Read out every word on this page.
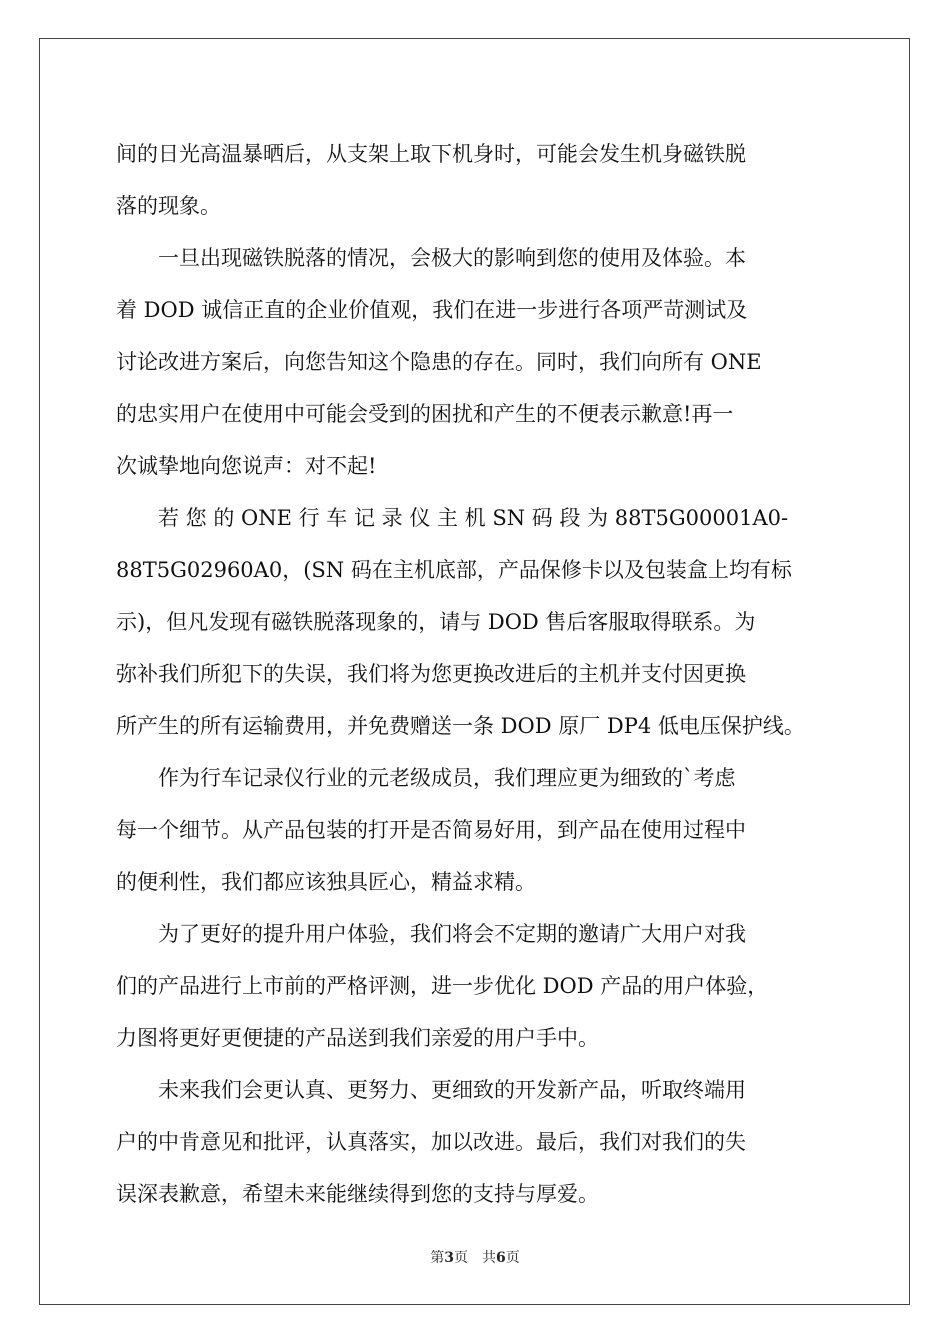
间的日光高温暴晒后，从支架上取下机身时，可能会发生机身磁铁脱
落的现象。
　　一旦出现磁铁脱落的情况，会极大的影响到您的使用及体验。本
着 DOD 诚信正直的企业价值观，我们在进一步进行各项严苛测试及
讨论改进方案后，向您告知这个隐患的存在。同时，我们向所有 ONE
的忠实用户在使用中可能会受到的困扰和产生的不便表示歉意!再一
次诚挚地向您说声：对不起!
　　若 您 的 ONE 行 车 记 录 仪 主 机 SN 码 段 为 88T5G00001A0-
88T5G02960A0，(SN 码在主机底部，产品保修卡以及包装盒上均有标
示)，但凡发现有磁铁脱落现象的，请与 DOD 售后客服取得联系。为
弥补我们所犯下的失误，我们将为您更换改进后的主机并支付因更换
所产生的所有运输费用，并免费赠送一条 DOD 原厂 DP4 低电压保护线。
　　作为行车记录仪行业的元老级成员，我们理应更为细致的`考虑
每一个细节。从产品包装的打开是否简易好用，到产品在使用过程中
的便利性，我们都应该独具匠心，精益求精。
　　为了更好的提升用户体验，我们将会不定期的邀请广大用户对我
们的产品进行上市前的严格评测，进一步优化 DOD 产品的用户体验，
力图将更好更便捷的产品送到我们亲爱的用户手中。
　　未来我们会更认真、更努力、更细致的开发新产品，听取终端用
户的中肯意见和批评，认真落实，加以改进。最后，我们对我们的失
误深表歉意，希望未来能继续得到您的支持与厚爱。
第3页　共6页
